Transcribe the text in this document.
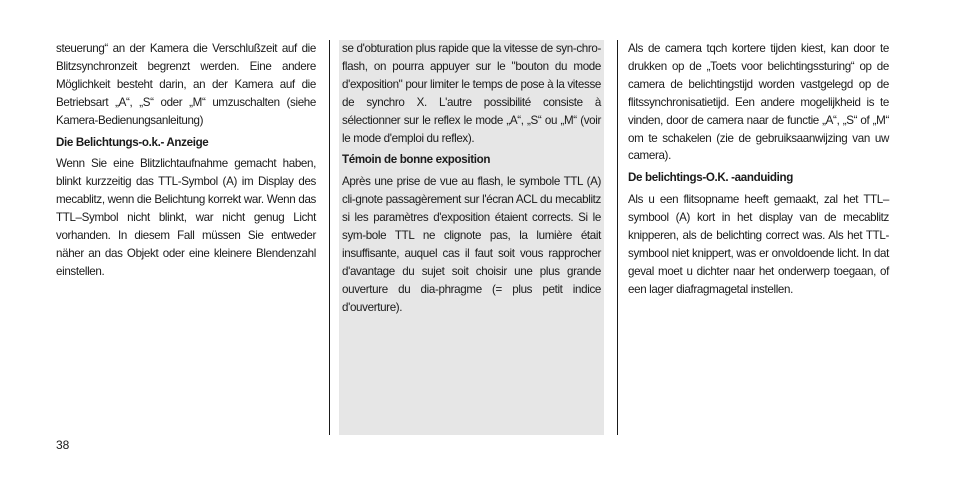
steuerung“ an der Kamera die Verschlußzeit auf die Blitzsynchronzeit begrenzt werden. Eine andere Möglichkeit besteht darin, an der Kamera auf die Betriebsart „A“, „S“ oder „M“ umzuschalten (siehe Kamera-Bedienungsanleitung)

Die Belichtungs-o.k.- Anzeige

Wenn Sie eine Blitzlichtaufnahme gemacht haben, blinkt kurzzeitig das TTL-Symbol (A) im Display des mecablitz, wenn die Belichtung korrekt war. Wenn das TTL–Symbol nicht blinkt, war nicht genug Licht vorhanden. In diesem Fall müssen Sie entweder näher an das Objekt oder eine kleinere Blendenzahl einstellen.

se d'obturation plus rapide que la vitesse de syn-chro-flash, on pourra appuyer sur le "bouton du mode d'exposition" pour limiter le temps de pose à la vitesse de synchro X. L'autre possibilité consiste à sélectionner sur le reflex le mode „A“, „S“ ou „M“ (voir le mode d'emploi du reflex).

Témoin de bonne exposition

Après une prise de vue au flash, le symbole TTL (A) cli-gnote passagèrement sur l'écran ACL du mecablitz si les paramètres d'exposition étaient corrects. Si le sym-bole TTL ne clignote pas, la lumière était insuffisante, auquel cas il faut soit vous rapprocher d'avantage du sujet soit choisir une plus grande ouverture du dia-phragme (= plus petit indice d'ouverture).

Als de camera tqch kortere tijden kiest, kan door te drukken op de „Toets voor belichtingssturing“ op de camera de belichtingstijd worden vastgelegd op de flitssynchronisatietijd. Een andere mogelijkheid is te vinden, door de camera naar de functie „A“, „S“ of „M“ om te schakelen (zie de gebruiksaanwijzing van uw camera).

De belichtings-O.K. -aanduiding

Als u een flitsopname heeft gemaakt, zal het TTL–symbool (A) kort in het display van de mecablitz knipperen, als de belichting correct was. Als het TTL-symbool niet knippert, was er onvoldoende licht. In dat geval moet u dichter naar het onderwerp toegaan, of een lager diafragmagetal instellen.

38
